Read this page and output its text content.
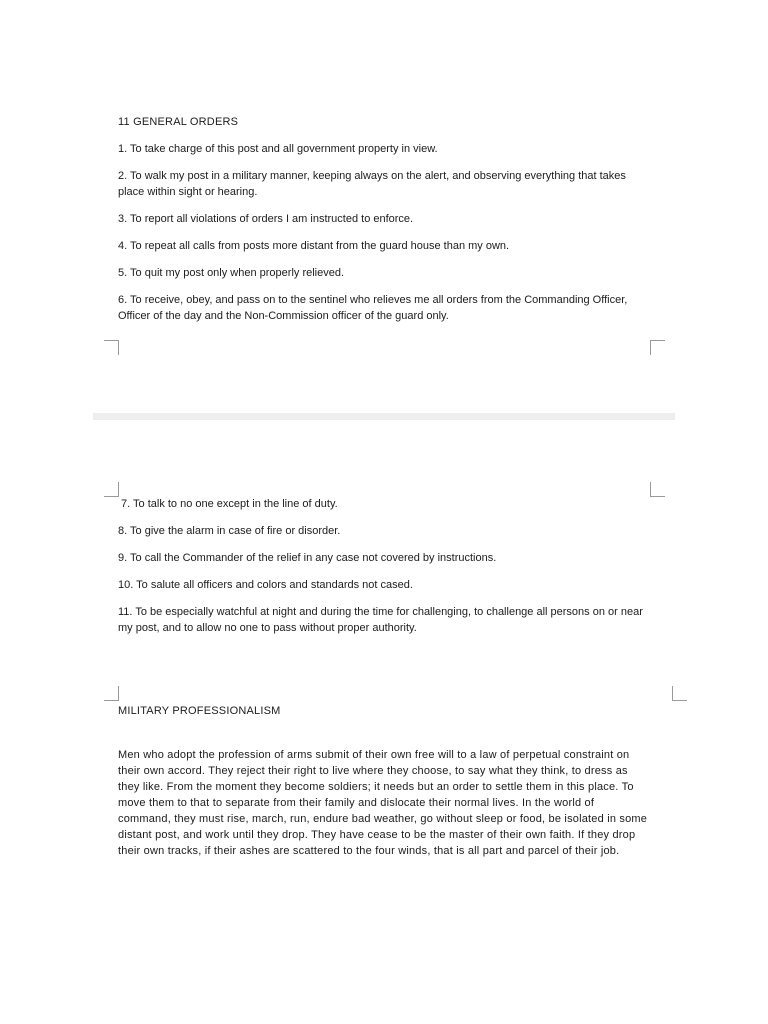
11 GENERAL ORDERS

1. To take charge of this post and all government property in view.

2. To walk my post in a military manner, keeping always on the alert, and observing everything that takes place within sight or hearing.

3. To report all violations of orders I am instructed to enforce.

4. To repeat all calls from posts more distant from the guard house than my own.

5. To quit my post only when properly relieved.

6. To receive, obey, and pass on to the sentinel who relieves me all orders from the Commanding Officer, Officer of the day and the Non-Commission officer of the guard only.

7. To talk to no one except in the line of duty.

8. To give the alarm in case of fire or disorder.

9. To call the Commander of the relief in any case not covered by instructions.

10. To salute all officers and colors and standards not cased.

11. To be especially watchful at night and during the time for challenging, to challenge all persons on or near my post, and to allow no one to pass without proper authority.

MILITARY PROFESSIONALISM

Men who adopt the profession of arms submit of their own free will to a law of perpetual constraint on their own accord. They reject their right to live where they choose, to say what they think, to dress as they like. From the moment they become soldiers; it needs but an order to settle them in this place. To move them to that to separate from their family and dislocate their normal lives. In the world of command, they must rise, march, run, endure bad weather, go without sleep or food, be isolated in some distant post, and work until they drop. They have cease to be the master of their own faith. If they drop their own tracks, if their ashes are scattered to the four winds, that is all part and parcel of their job.
